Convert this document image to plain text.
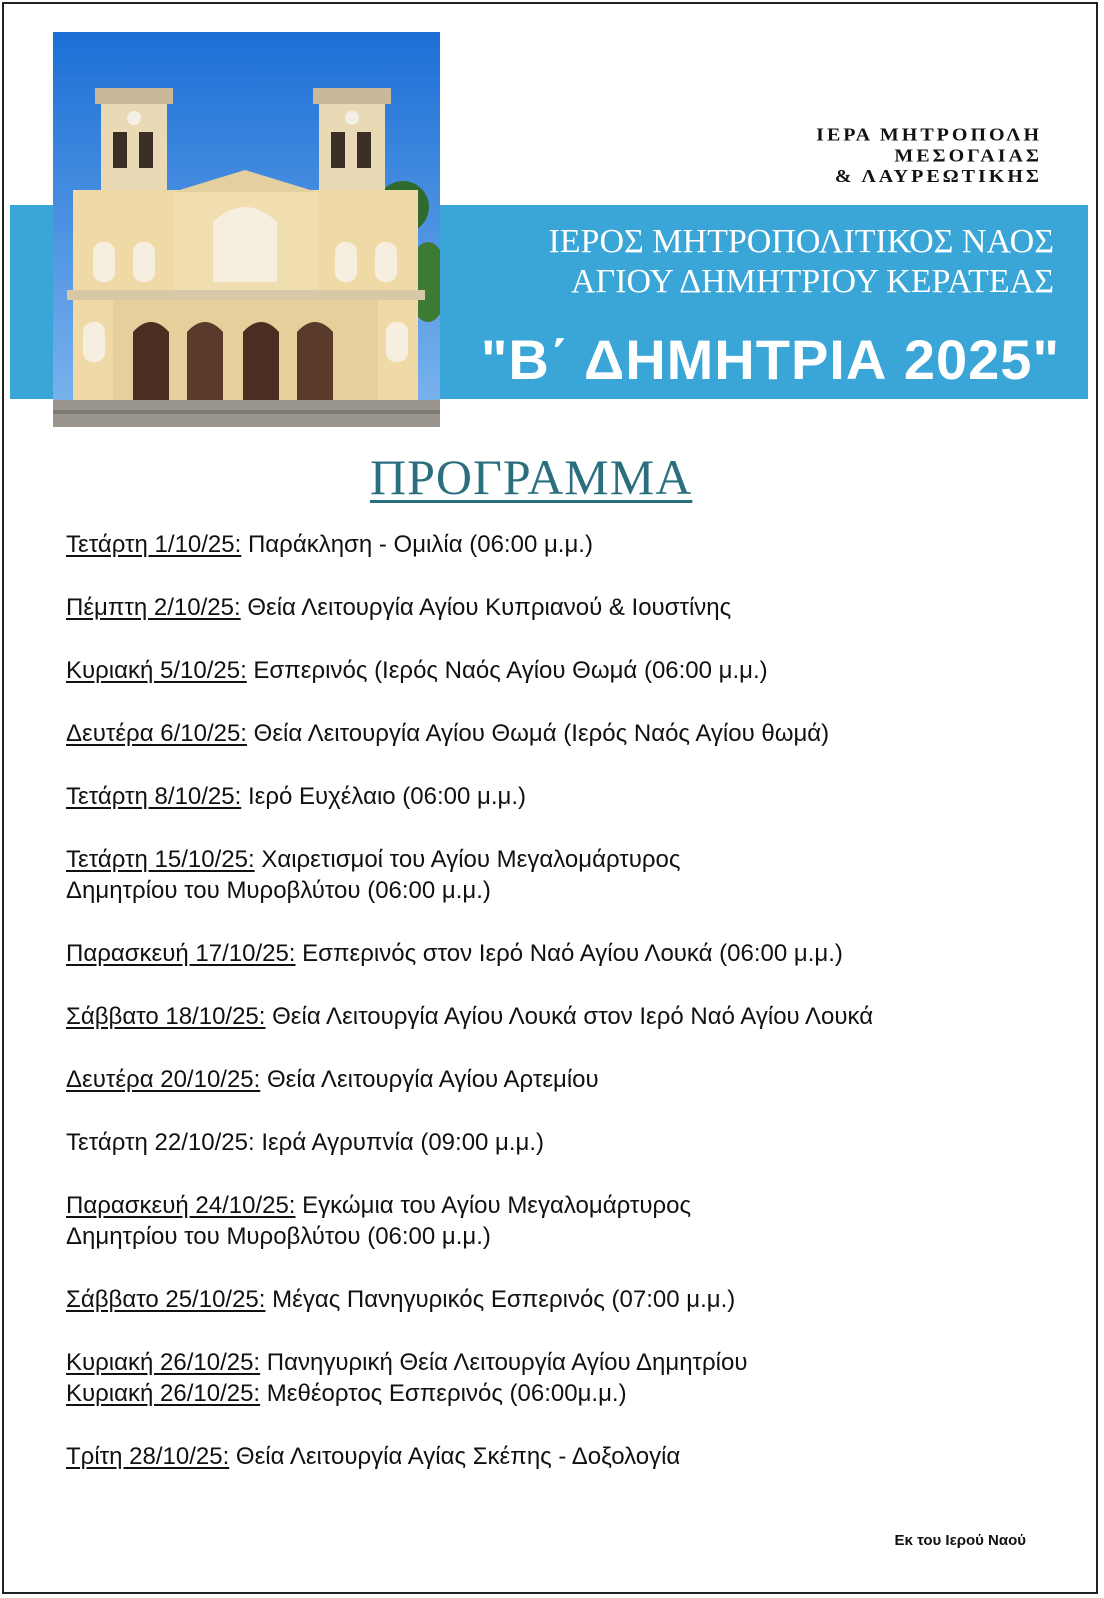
ΙΕΡΑ ΜΗΤΡΟΠΟΛΗ
ΜΕΣΟΓΑΙΑΣ
& ΛΑΥΡΕΩΤΙΚΗΣ
ΙΕΡΟΣ ΜΗΤΡΟΠΟΛΙΤΙΚΟΣ ΝΑΟΣ
ΑΓΙΟΥ ΔΗΜΗΤΡΙΟΥ ΚΕΡΑΤΕΑΣ
"Β΄ ΔΗΜΗΤΡΙΑ 2025"
ΠΡΟΓΡΑΜΜΑ
Τετάρτη 1/10/25: Παράκληση - Ομιλία (06:00 μ.μ.)
Πέμπτη 2/10/25: Θεία Λειτουργία Αγίου Κυπριανού & Ιουστίνης
Κυριακή 5/10/25: Εσπερινός (Ιερός Ναός Αγίου Θωμά (06:00 μ.μ.)
Δευτέρα 6/10/25: Θεία Λειτουργία Αγίου Θωμά (Ιερός Ναός Αγίου θωμά)
Τετάρτη 8/10/25: Ιερό Ευχέλαιο (06:00 μ.μ.)
Τετάρτη 15/10/25: Χαιρετισμοί του Αγίου Μεγαλομάρτυρος
Δημητρίου του Μυροβλύτου (06:00 μ.μ.)
Παρασκευή 17/10/25: Εσπερινός στον Ιερό Ναό Αγίου Λουκά (06:00 μ.μ.)
Σάββατο 18/10/25: Θεία Λειτουργία Αγίου Λουκά στον Ιερό Ναό Αγίου Λουκά
Δευτέρα 20/10/25: Θεία Λειτουργία Αγίου Αρτεμίου
Τετάρτη 22/10/25: Ιερά Αγρυπνία (09:00 μ.μ.)
Παρασκευή 24/10/25: Εγκώμια του Αγίου Μεγαλομάρτυρος
Δημητρίου του Μυροβλύτου (06:00 μ.μ.)
Σάββατο 25/10/25: Μέγας Πανηγυρικός Εσπερινός (07:00 μ.μ.)
Κυριακή 26/10/25: Πανηγυρική Θεία Λειτουργία Αγίου Δημητρίου
Κυριακή 26/10/25: Μεθέορτος Εσπερινός (06:00μ.μ.)
Τρίτη 28/10/25: Θεία Λειτουργία Αγίας Σκέπης - Δοξολογία
Εκ του Ιερού Ναού
